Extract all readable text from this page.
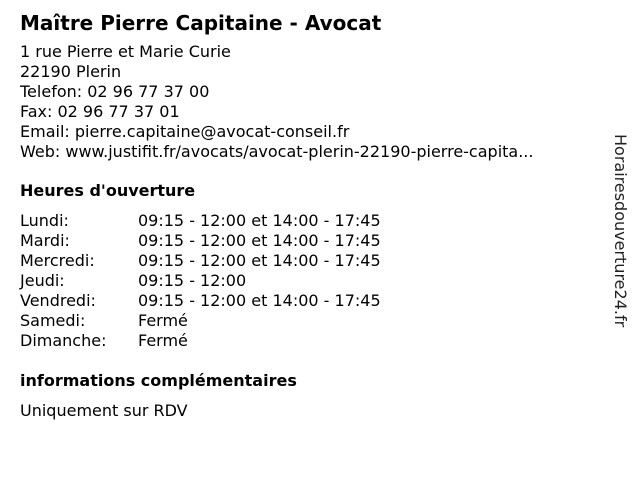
Maître Pierre Capitaine - Avocat
1 rue Pierre et Marie Curie
22190 Plerin
Telefon: 02 96 77 37 00
Fax: 02 96 77 37 01
Email: pierre.capitaine@avocat-conseil.fr
Web: www.justifit.fr/avocats/avocat-plerin-22190-pierre-capita...
Heures d'ouverture
Lundi:	09:15 - 12:00 et 14:00 - 17:45
Mardi:	09:15 - 12:00 et 14:00 - 17:45
Mercredi:	09:15 - 12:00 et 14:00 - 17:45
Jeudi:	09:15 - 12:00
Vendredi:	09:15 - 12:00 et 14:00 - 17:45
Samedi:	Fermé
Dimanche:	Fermé
informations complémentaires
Uniquement sur RDV
Horairesdouverture24.fr
